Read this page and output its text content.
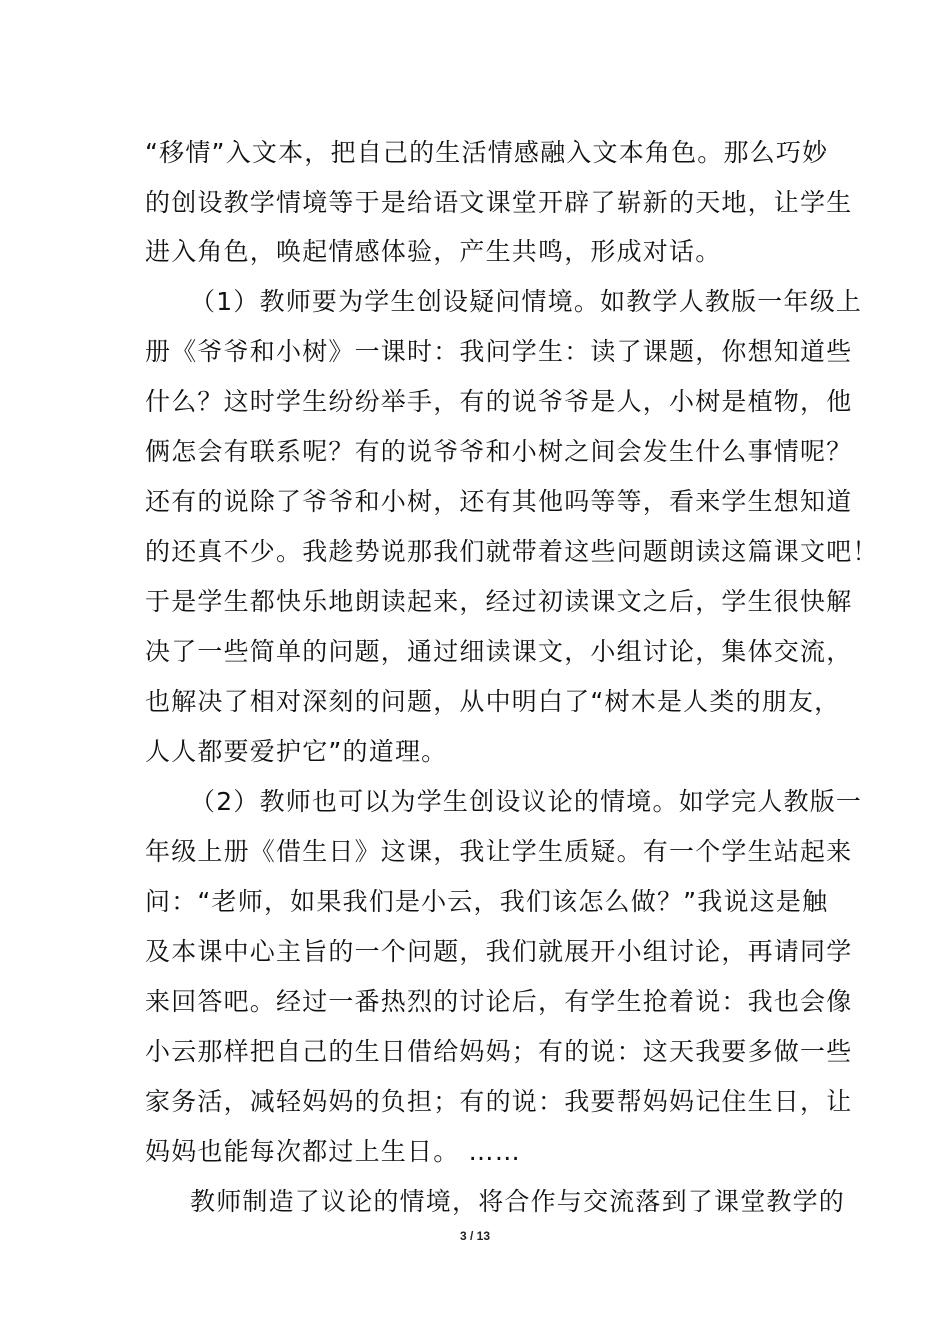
“移情”入文本，把自己的生活情感融入文本角色。那么巧妙
的创设教学情境等于是给语文课堂开辟了崭新的天地，让学生
进入角色，唤起情感体验，产生共鸣，形成对话。
（1）教师要为学生创设疑问情境。如教学人教版一年级上
册《爷爷和小树》一课时：我问学生：读了课题，你想知道些
什么？这时学生纷纷举手，有的说爷爷是人，小树是植物，他
俩怎会有联系呢？有的说爷爷和小树之间会发生什么事情呢？
还有的说除了爷爷和小树，还有其他吗等等，看来学生想知道
的还真不少。我趁势说那我们就带着这些问题朗读这篇课文吧！
于是学生都快乐地朗读起来，经过初读课文之后，学生很快解
决了一些简单的问题，通过细读课文，小组讨论，集体交流，
也解决了相对深刻的问题，从中明白了“树木是人类的朋友，
人人都要爱护它”的道理。
（2）教师也可以为学生创设议论的情境。如学完人教版一
年级上册《借生日》这课，我让学生质疑。有一个学生站起来
问：“老师，如果我们是小云，我们该怎么做？”我说这是触
及本课中心主旨的一个问题，我们就展开小组讨论，再请同学
来回答吧。经过一番热烈的讨论后，有学生抢着说：我也会像
小云那样把自己的生日借给妈妈；有的说：这天我要多做一些
家务活，减轻妈妈的负担；有的说：我要帮妈妈记住生日，让
妈妈也能每次都过上生日。 ……
教师制造了议论的情境，将合作与交流落到了课堂教学的
3 / 13
